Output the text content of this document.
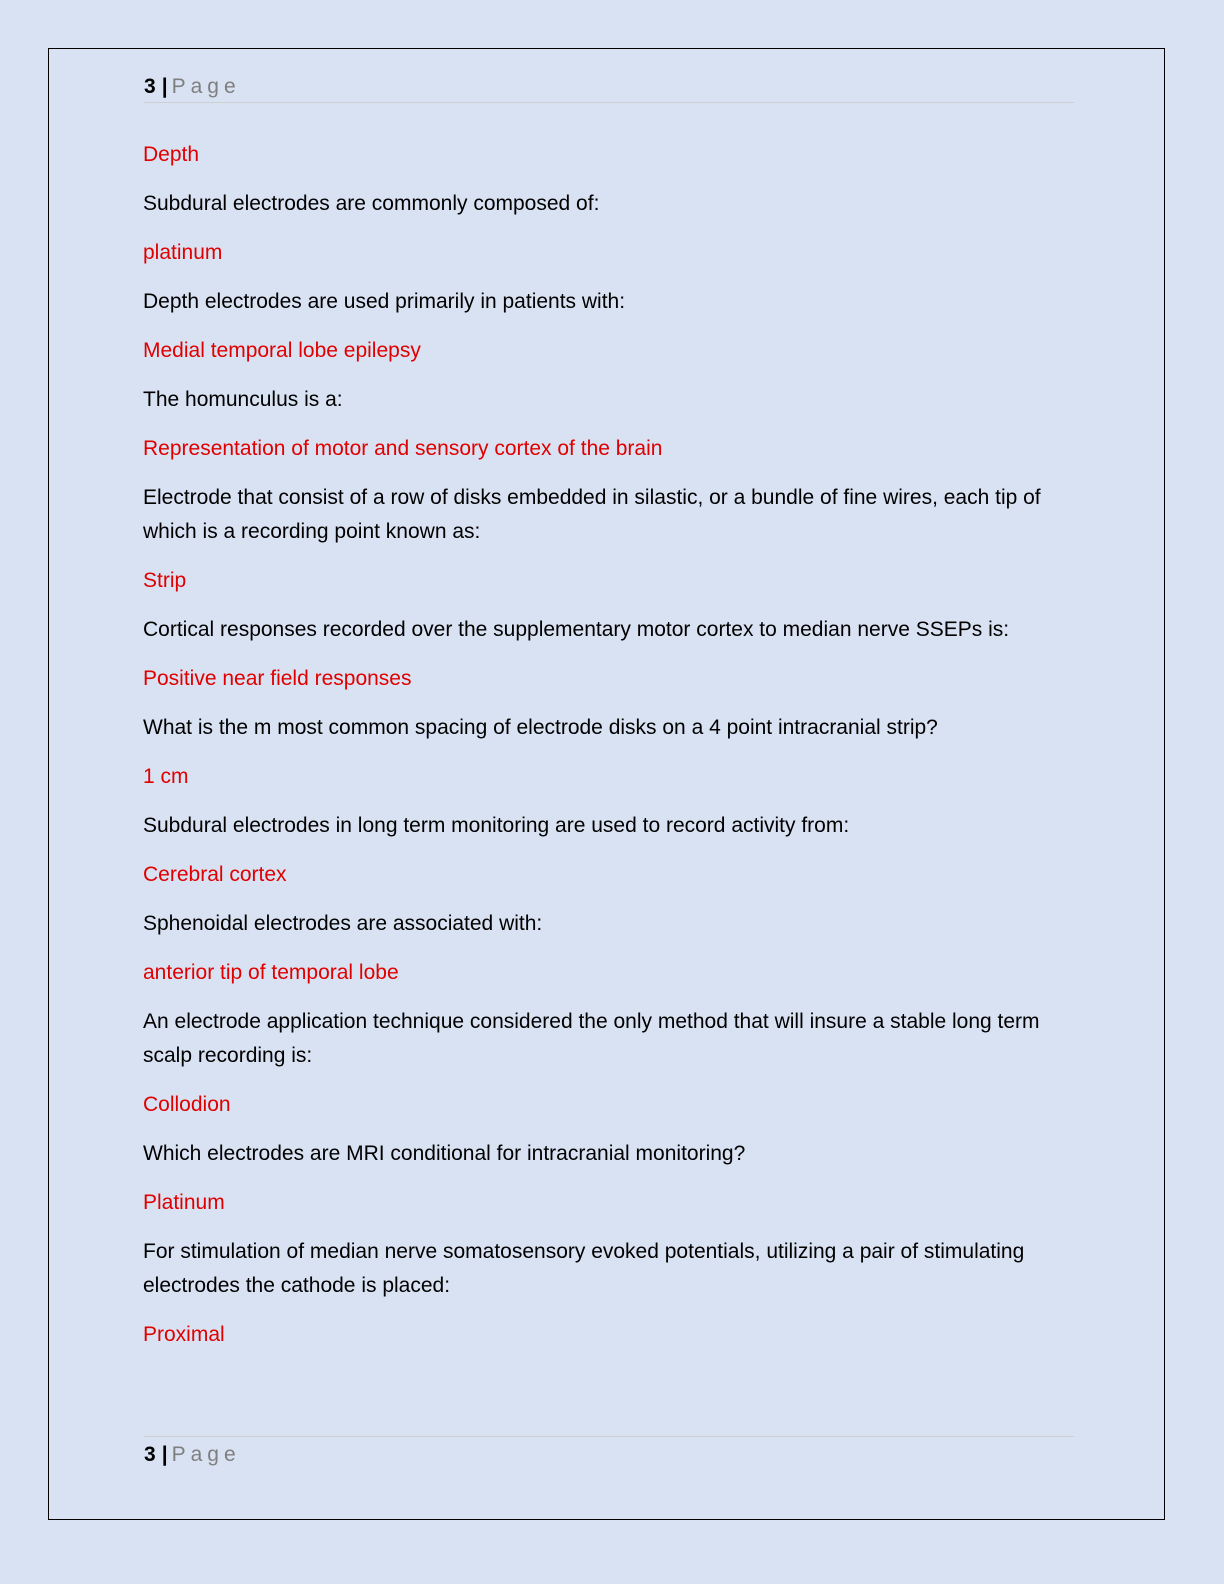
3 | Page

Depth

Subdural electrodes are commonly composed of:

platinum

Depth electrodes are used primarily in patients with:

Medial temporal lobe epilepsy

The homunculus is a:

Representation of motor and sensory cortex of the brain

Electrode that consist of a row of disks embedded in silastic, or a bundle of fine wires, each tip of which is a recording point known as:

Strip

Cortical responses recorded over the supplementary motor cortex to median nerve SSEPs is:

Positive near field responses

What is the m most common spacing of electrode disks on a 4 point intracranial strip?

1 cm

Subdural electrodes in long term monitoring are used to record activity from:

Cerebral cortex

Sphenoidal electrodes are associated with:

anterior tip of temporal lobe

An electrode application technique considered the only method that will insure a stable long term scalp recording is:

Collodion

Which electrodes are MRI conditional for intracranial monitoring?

Platinum

For stimulation of median nerve somatosensory evoked potentials, utilizing a pair of stimulating electrodes the cathode is placed:

Proximal

3 | Page
